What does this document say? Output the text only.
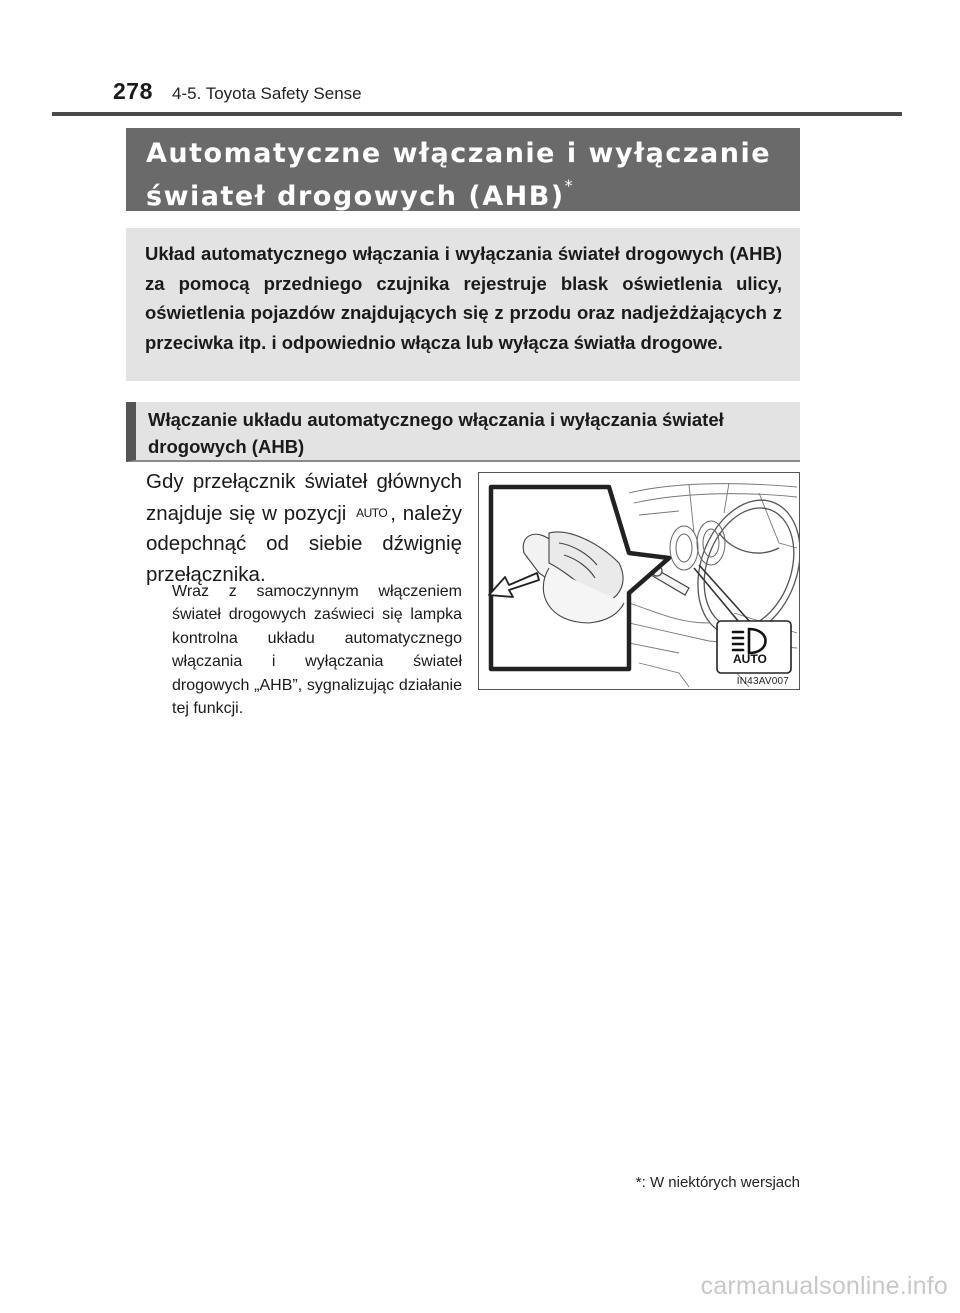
278 4-5. Toyota Safety Sense
Automatyczne włączanie i wyłączanie
świateł drogowych (AHB)*
Układ automatycznego włączania i wyłączania świateł drogowych (AHB) za pomocą przedniego czujnika rejestruje blask oświetlenia ulicy, oświetlenia pojazdów znajdujących się z przodu oraz nadjeżdżających z przeciwka itp. i odpowiednio włącza lub wyłącza światła drogowe.
Włączanie układu automatycznego włączania i wyłączania świateł drogowych (AHB)
Gdy przełącznik świateł głównych znajduje się w pozycji AUTO , należy odepchnąć od siebie dźwignię przełącznika.
Wraz z samoczynnym włączeniem świateł drogowych zaświeci się lampka kontrolna układu automatycznego włączania i wyłączania świateł drogowych „AHB”, sygnalizując działanie tej funkcji.
AUTO
IN43AV007
*: W niektórych wersjach
carmanualsonline.info
